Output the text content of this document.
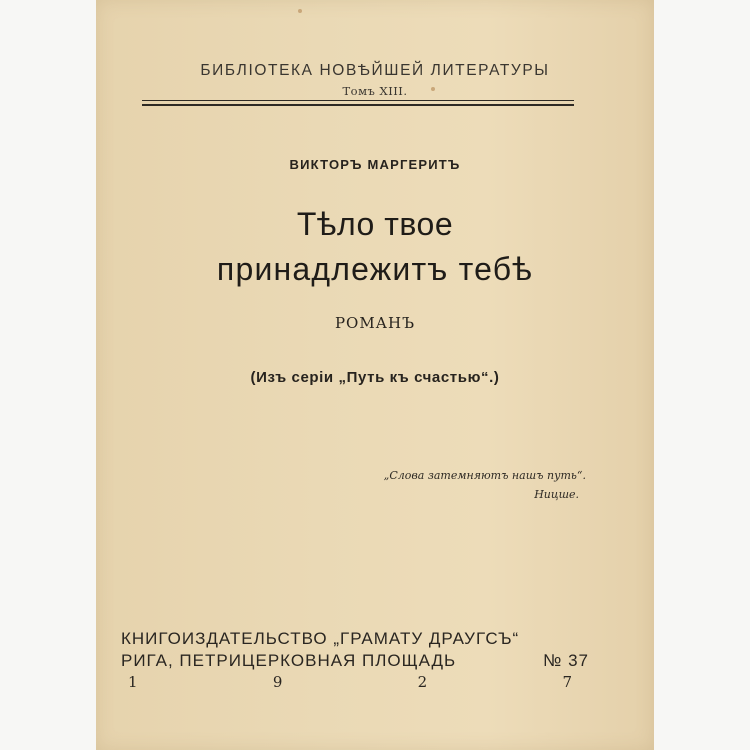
БИБЛIОТЕКА НОВѢЙШЕЙ ЛИТЕРАТУРЫ
Томъ XIII.
ВИКТОРЪ МАРГЕРИТЪ
Тѣло твое
принадлежитъ тебѣ
РОМАНЪ
(Изъ серiи „Путь къ счастью“.)
„Слова затемняютъ нашъ путь“.
Ницше.
КНИГОИЗДАТЕЛЬСТВО „ГРАМАТУ ДРАУГСЪ“
РИГА, ПЕТРИЦЕРКОВНАЯ ПЛОЩАДЬ	№ 37
1	9	2	7
